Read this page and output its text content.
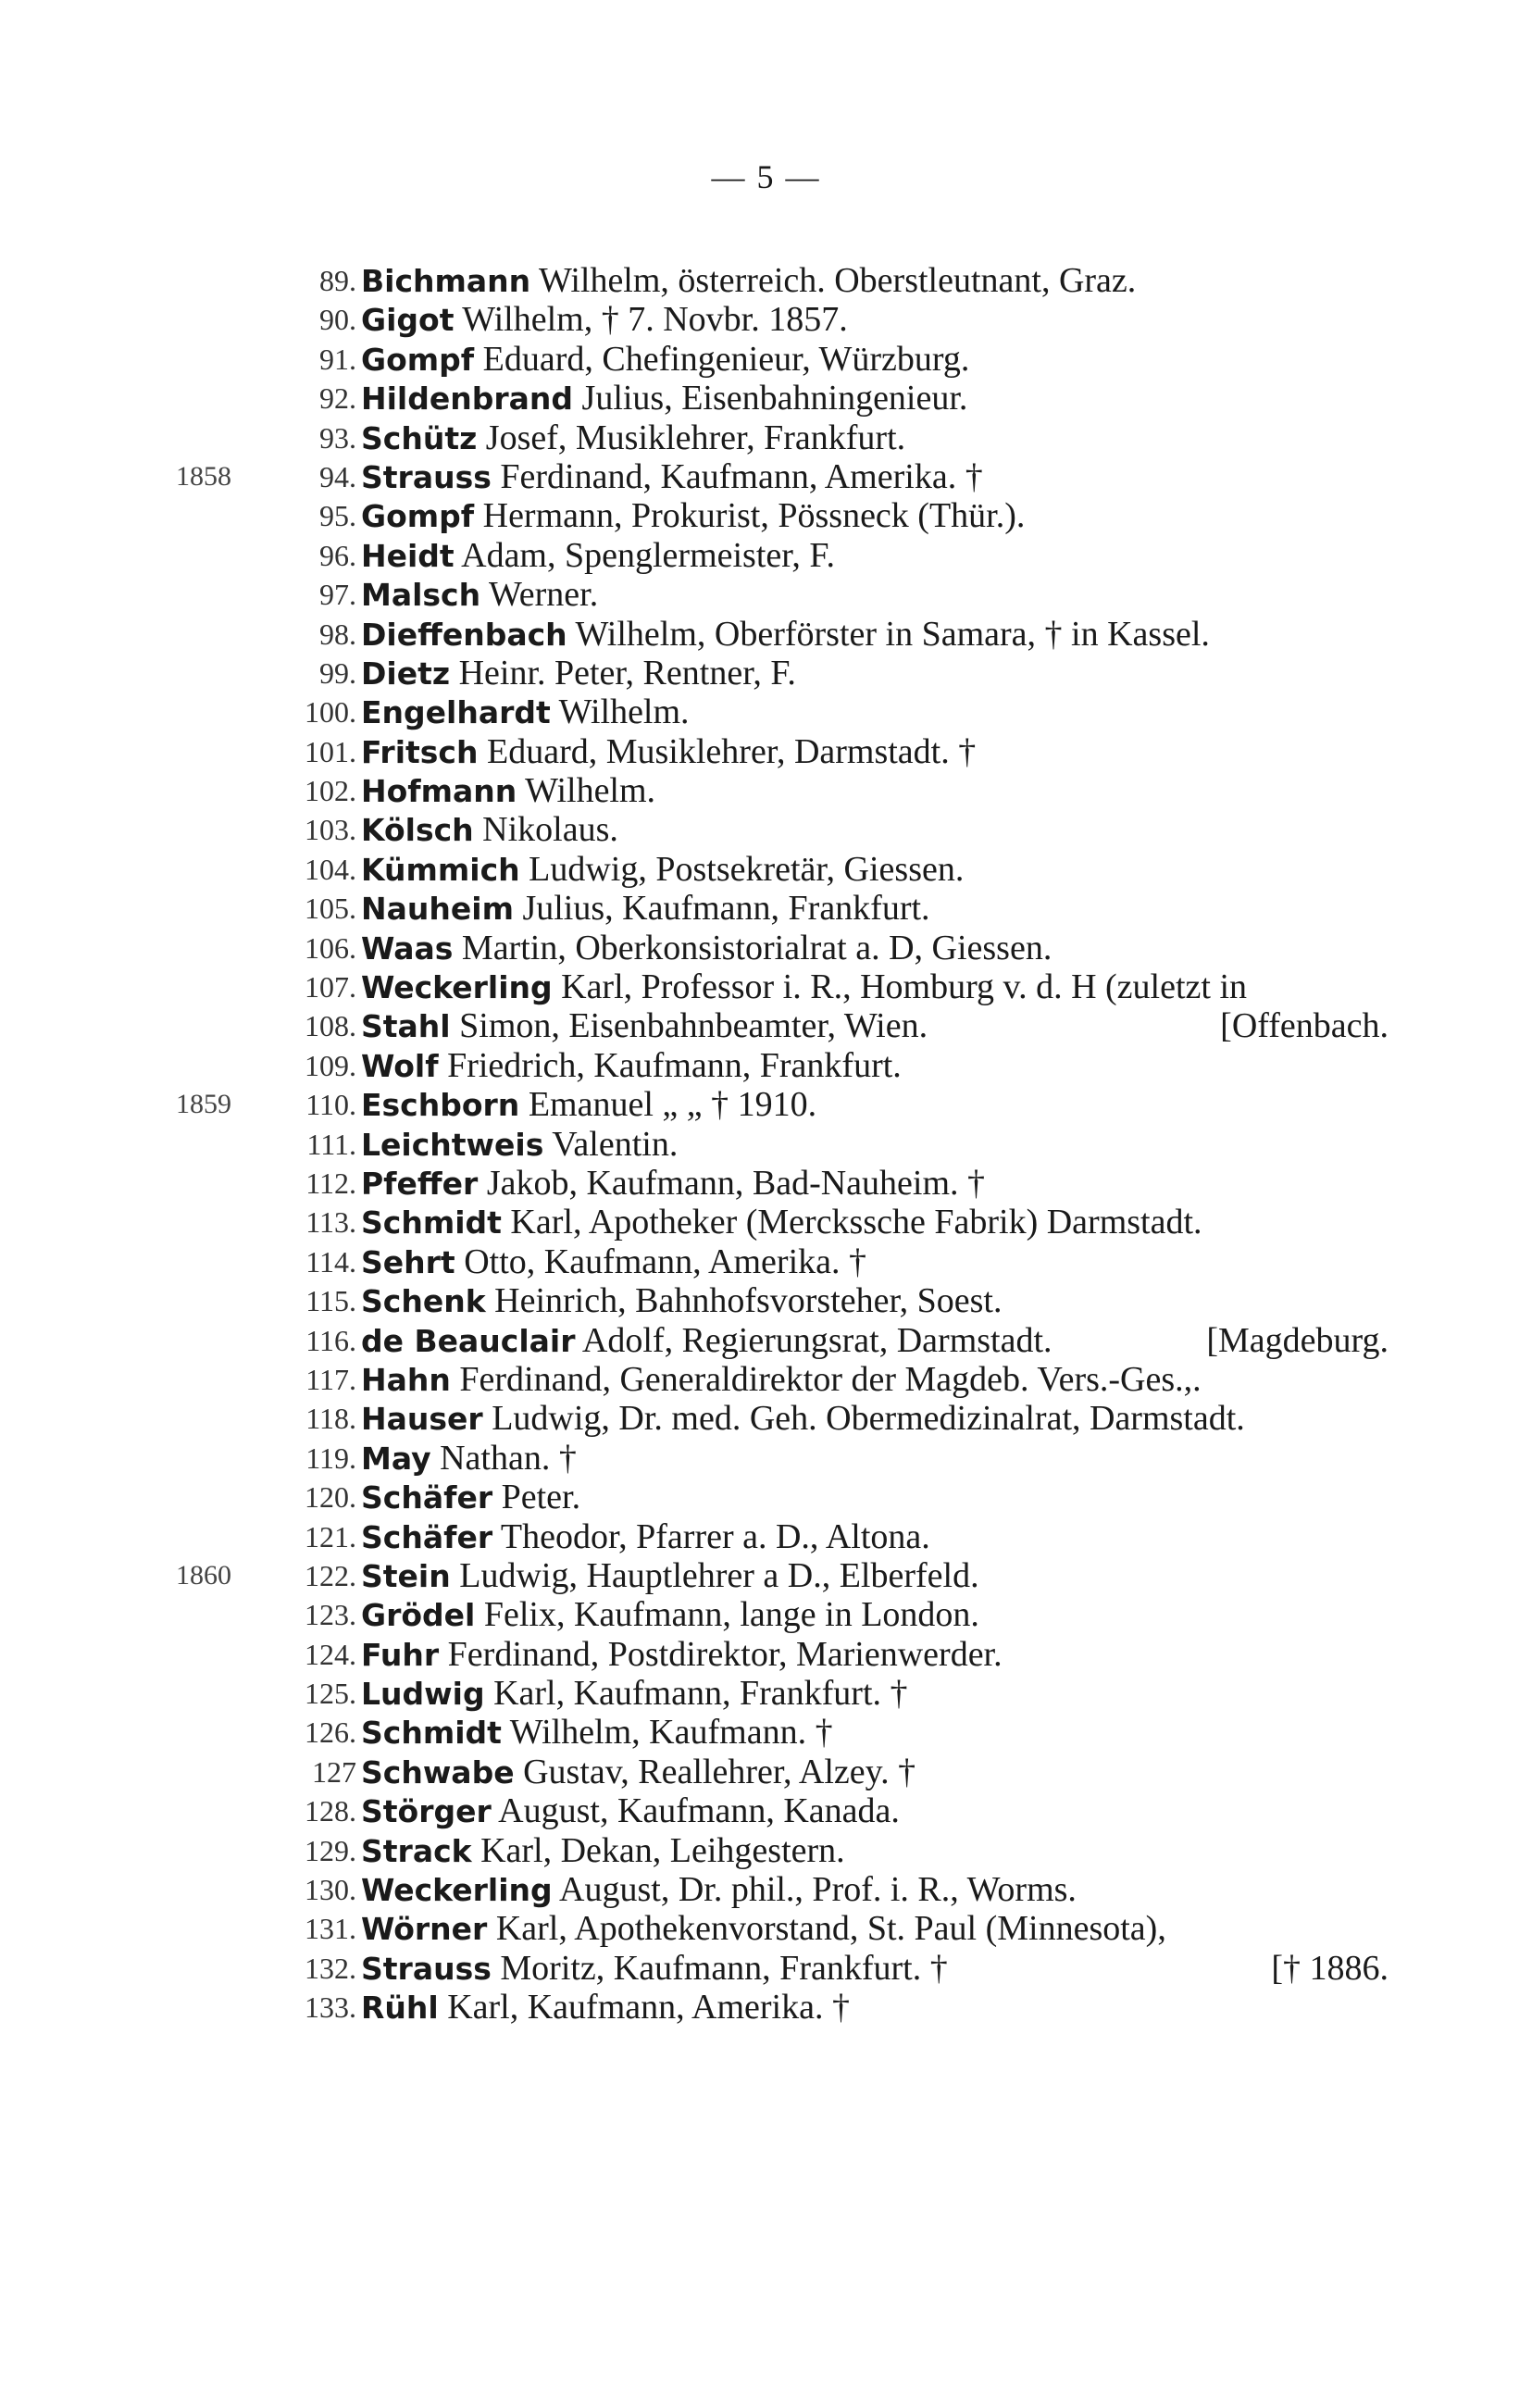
— 5 —
89. Bichmann Wilhelm, österreich. Oberstleutnant, Graz.
90. Gigot Wilhelm, † 7. Novbr. 1857.
91. Gompf Eduard, Chefingenieur, Würzburg.
92. Hildenbrand Julius, Eisenbahningenieur.
93. Schütz Josef, Musiklehrer, Frankfurt.
1858	94. Strauss Ferdinand, Kaufmann, Amerika. †
95. Gompf Hermann, Prokurist, Pössneck (Thür.).
96. Heidt Adam, Spenglermeister, F.
97. Malsch Werner.
98. Dieffenbach Wilhelm, Oberförster in Samara, † in Kassel.
99. Dietz Heinr. Peter, Rentner, F.
100. Engelhardt Wilhelm.
101. Fritsch Eduard, Musiklehrer, Darmstadt. †
102. Hofmann Wilhelm.
103. Kölsch Nikolaus.
104. Kümmich Ludwig, Postsekretär, Giessen.
105. Nauheim Julius, Kaufmann, Frankfurt.
106. Waas Martin, Oberkonsistorialrat a. D, Giessen.
107. Weckerling Karl, Professor i. R., Homburg v. d. H (zuletzt in
108. Stahl Simon, Eisenbahnbeamter, Wien.	[Offenbach.
109. Wolf Friedrich, Kaufmann, Frankfurt.
1859	110. Eschborn Emanuel „ „ † 1910.
111. Leichtweis Valentin.
112. Pfeffer Jakob, Kaufmann, Bad-Nauheim. †
113. Schmidt Karl, Apotheker (Merckssche Fabrik) Darmstadt.
114. Sehrt Otto, Kaufmann, Amerika. †
115. Schenk Heinrich, Bahnhofsvorsteher, Soest.
116. de Beauclair Adolf, Regierungsrat, Darmstadt.	[Magdeburg.
117. Hahn Ferdinand, Generaldirektor der Magdeb. Vers.-Ges.,.
118. Hauser Ludwig, Dr. med. Geh. Obermedizinalrat, Darmstadt.
119. May Nathan. †
120. Schäfer Peter.
121. Schäfer Theodor, Pfarrer a. D., Altona.
1860	122. Stein Ludwig, Hauptlehrer a D., Elberfeld.
123. Grödel Felix, Kaufmann, lange in London.
124. Fuhr Ferdinand, Postdirektor, Marienwerder.
125. Ludwig Karl, Kaufmann, Frankfurt. †
126. Schmidt Wilhelm, Kaufmann. †
127 Schwabe Gustav, Reallehrer, Alzey. †
128. Störger August, Kaufmann, Kanada.
129. Strack Karl, Dekan, Leihgestern.
130. Weckerling August, Dr. phil., Prof. i. R., Worms.
131. Wörner Karl, Apothekenvorstand, St. Paul (Minnesota),
132. Strauss Moritz, Kaufmann, Frankfurt. †	[† 1886.
133. Rühl Karl, Kaufmann, Amerika. †
